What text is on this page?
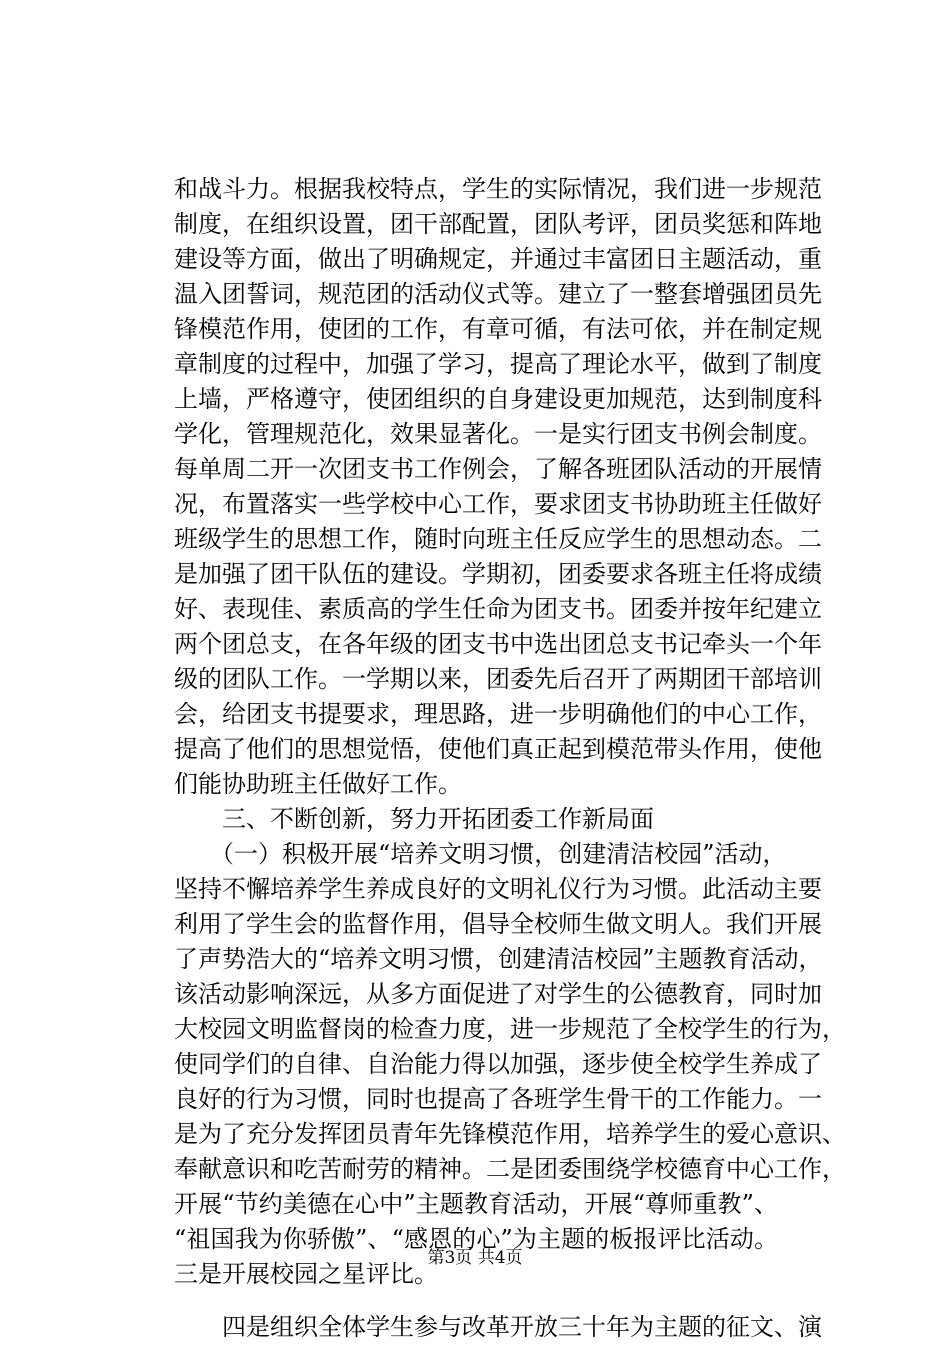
和战斗力。根据我校特点，学生的实际情况，我们进一步规范
制度，在组织设置，团干部配置，团队考评，团员奖惩和阵地
建设等方面，做出了明确规定，并通过丰富团日主题活动，重
温入团誓词，规范团的活动仪式等。建立了一整套增强团员先
锋模范作用，使团的工作，有章可循，有法可依，并在制定规
章制度的过程中，加强了学习，提高了理论水平，做到了制度
上墙，严格遵守，使团组织的自身建设更加规范，达到制度科
学化，管理规范化，效果显著化。一是实行团支书例会制度。
每单周二开一次团支书工作例会，了解各班团队活动的开展情
况，布置落实一些学校中心工作，要求团支书协助班主任做好
班级学生的思想工作，随时向班主任反应学生的思想动态。二
是加强了团干队伍的建设。学期初，团委要求各班主任将成绩
好、表现佳、素质高的学生任命为团支书。团委并按年纪建立
两个团总支，在各年级的团支书中选出团总支书记牵头一个年
级的团队工作。一学期以来，团委先后召开了两期团干部培训
会，给团支书提要求，理思路，进一步明确他们的中心工作，
提高了他们的思想觉悟，使他们真正起到模范带头作用，使他
们能协助班主任做好工作。
　　三、不断创新，努力开拓团委工作新局面
　　（一）积极开展“培养文明习惯，创建清洁校园”活动，
坚持不懈培养学生养成良好的文明礼仪行为习惯。此活动主要
利用了学生会的监督作用，倡导全校师生做文明人。我们开展
了声势浩大的“培养文明习惯，创建清洁校园”主题教育活动，
该活动影响深远，从多方面促进了对学生的公德教育，同时加
大校园文明监督岗的检查力度，进一步规范了全校学生的行为，
使同学们的自律、自治能力得以加强，逐步使全校学生养成了
良好的行为习惯，同时也提高了各班学生骨干的工作能力。一
是为了充分发挥团员青年先锋模范作用，培养学生的爱心意识、
奉献意识和吃苦耐劳的精神。二是团委围绕学校德育中心工作，
开展“节约美德在心中”主题教育活动，开展“尊师重教”、
“祖国我为你骄傲”、“感恩的心”为主题的板报评比活动。
三是开展校园之星评比。
　　四是组织全体学生参与改革开放三十年为主题的征文、演
第3页 共4页
